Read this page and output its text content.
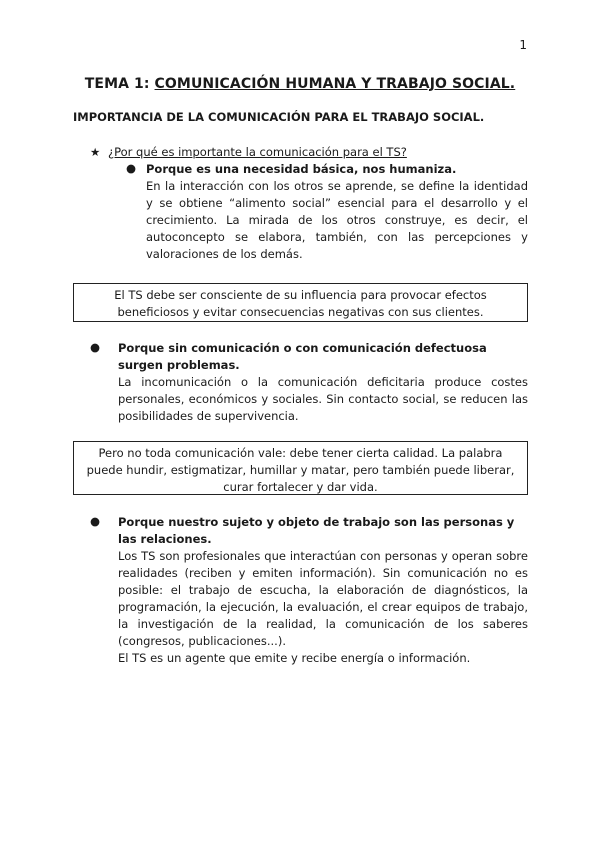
1
TEMA 1: COMUNICACIÓN HUMANA Y TRABAJO SOCIAL.
IMPORTANCIA DE LA COMUNICACIÓN PARA EL TRABAJO SOCIAL.
★ ¿Por qué es importante la comunicación para el TS?
● Porque es una necesidad básica, nos humaniza.
En la interacción con los otros se aprende, se define la identidad y se obtiene “alimento social” esencial para el desarrollo y el crecimiento. La mirada de los otros construye, es decir, el autoconcepto se elabora, también, con las percepciones y valoraciones de los demás.
El TS debe ser consciente de su influencia para provocar efectos beneficiosos y evitar consecuencias negativas con sus clientes.
● Porque sin comunicación o con comunicación defectuosa surgen problemas.
La incomunicación o la comunicación deficitaria produce costes personales, económicos y sociales. Sin contacto social, se reducen las posibilidades de supervivencia.
Pero no toda comunicación vale: debe tener cierta calidad. La palabra puede hundir, estigmatizar, humillar y matar, pero también puede liberar, curar fortalecer y dar vida.
● Porque nuestro sujeto y objeto de trabajo son las personas y las relaciones.
Los TS son profesionales que interactúan con personas y operan sobre realidades (reciben y emiten información). Sin comunicación no es posible: el trabajo de escucha, la elaboración de diagnósticos, la programación, la ejecución, la evaluación, el crear equipos de trabajo, la investigación de la realidad, la comunicación de los saberes (congresos, publicaciones...).
El TS es un agente que emite y recibe energía o información.
